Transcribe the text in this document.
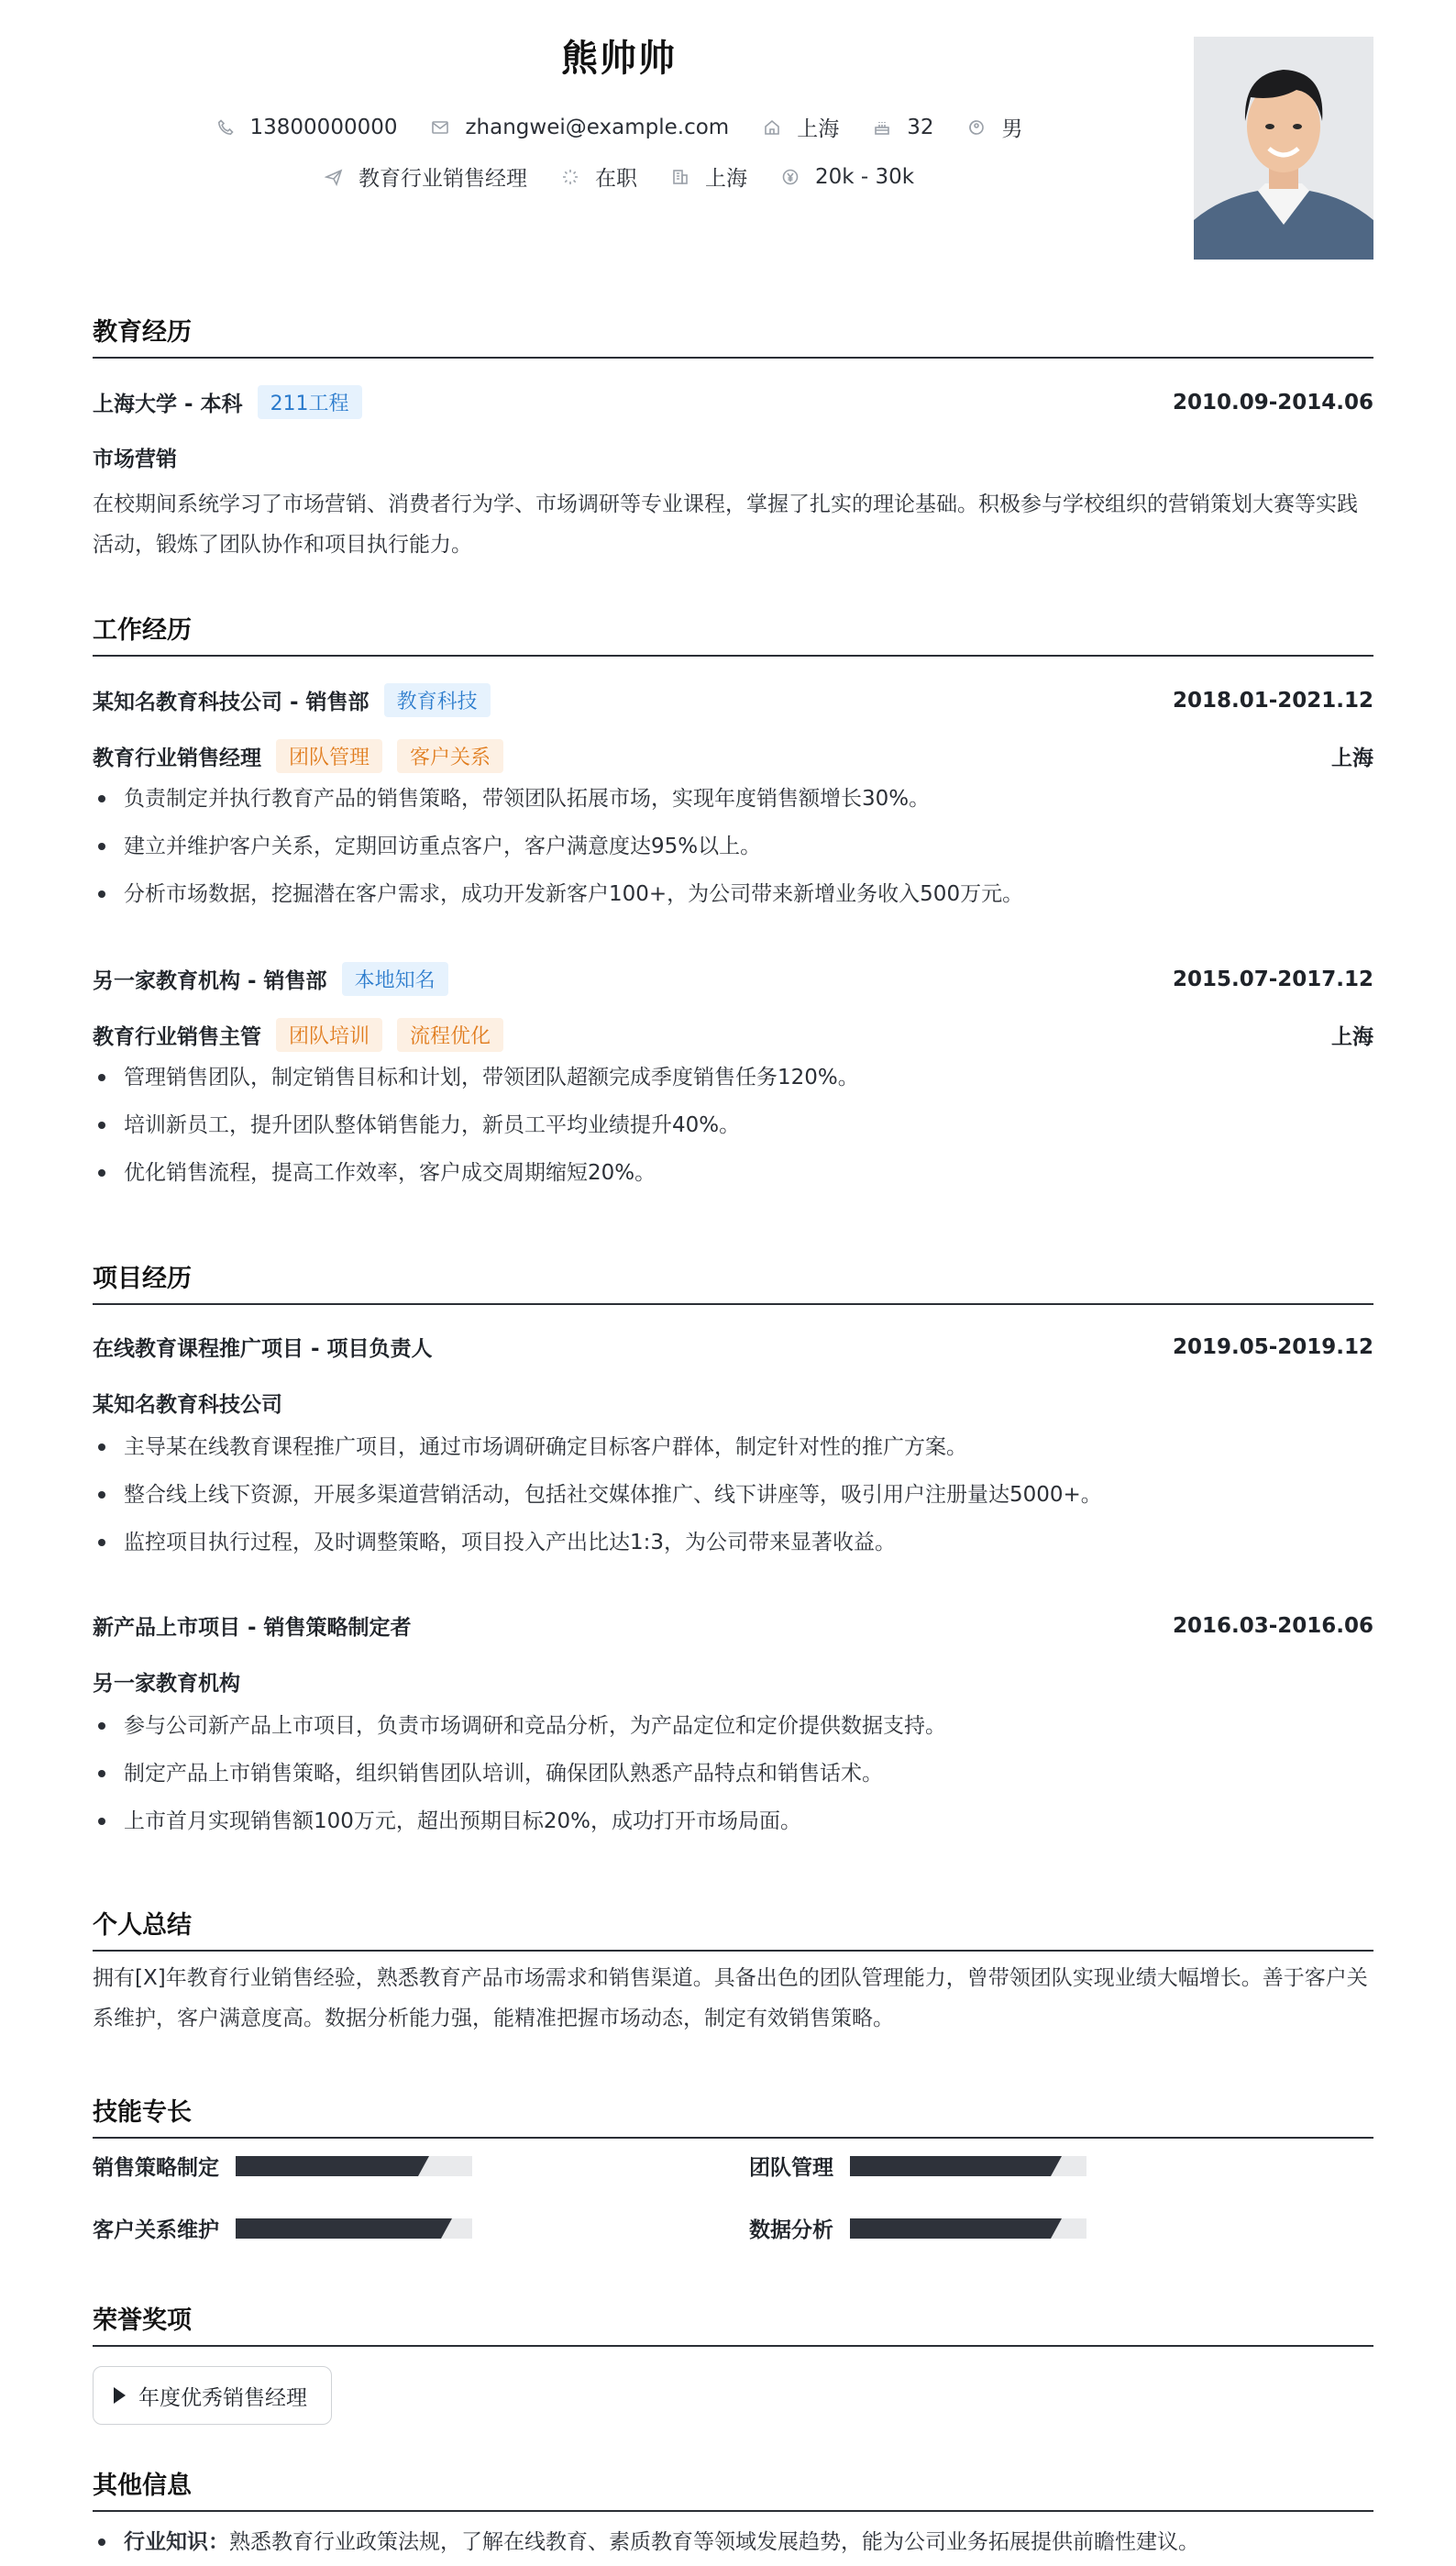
熊帅帅
13800000000	zhangwei@example.com	上海	32	男
教育行业销售经理	在职	上海	20k - 30k
教育经历
上海大学 - 本科	211工程	2010.09-2014.06
市场营销
在校期间系统学习了市场营销、消费者行为学、市场调研等专业课程，掌握了扎实的理论基础。积极参与学校组织的营销策划大赛等实践活动，锻炼了团队协作和项目执行能力。
工作经历
某知名教育科技公司 - 销售部	教育科技	2018.01-2021.12
教育行业销售经理	团队管理	客户关系	上海
负责制定并执行教育产品的销售策略，带领团队拓展市场，实现年度销售额增长30%。
建立并维护客户关系，定期回访重点客户，客户满意度达95%以上。
分析市场数据，挖掘潜在客户需求，成功开发新客户100+，为公司带来新增业务收入500万元。
另一家教育机构 - 销售部	本地知名	2015.07-2017.12
教育行业销售主管	团队培训	流程优化	上海
管理销售团队，制定销售目标和计划，带领团队超额完成季度销售任务120%。
培训新员工，提升团队整体销售能力，新员工平均业绩提升40%。
优化销售流程，提高工作效率，客户成交周期缩短20%。
项目经历
在线教育课程推广项目 - 项目负责人	2019.05-2019.12
某知名教育科技公司
主导某在线教育课程推广项目，通过市场调研确定目标客户群体，制定针对性的推广方案。
整合线上线下资源，开展多渠道营销活动，包括社交媒体推广、线下讲座等，吸引用户注册量达5000+。
监控项目执行过程，及时调整策略，项目投入产出比达1:3，为公司带来显著收益。
新产品上市项目 - 销售策略制定者	2016.03-2016.06
另一家教育机构
参与公司新产品上市项目，负责市场调研和竞品分析，为产品定位和定价提供数据支持。
制定产品上市销售策略，组织销售团队培训，确保团队熟悉产品特点和销售话术。
上市首月实现销售额100万元，超出预期目标20%，成功打开市场局面。
个人总结
拥有[X]年教育行业销售经验，熟悉教育产品市场需求和销售渠道。具备出色的团队管理能力，曾带领团队实现业绩大幅增长。善于客户关系维护，客户满意度高。数据分析能力强，能精准把握市场动态，制定有效销售策略。
技能专长
销售策略制定	团队管理
客户关系维护	数据分析
荣誉奖项
年度优秀销售经理
其他信息
行业知识：熟悉教育行业政策法规，了解在线教育、素质教育等领域发展趋势，能为公司业务拓展提供前瞻性建议。
